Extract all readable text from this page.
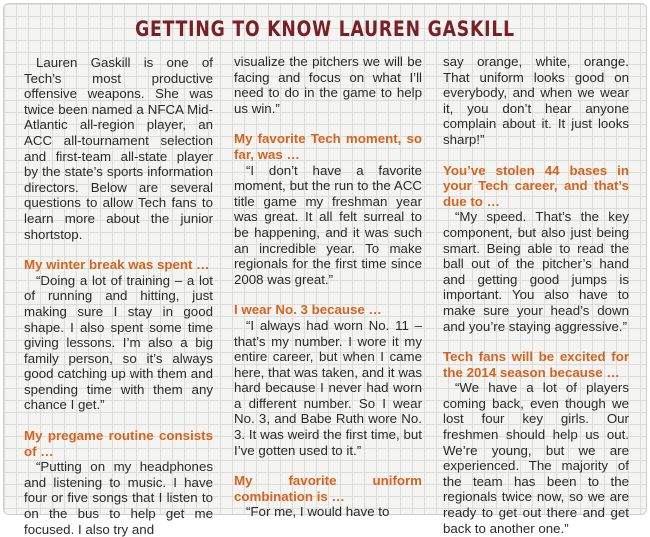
GETTING TO KNOW LAUREN GASKILL

Lauren Gaskill is one of Tech’s most productive offensive weapons. She was twice been named a NFCA Mid-Atlantic all-region player, an ACC all-tournament selection and first-team all-state player by the state’s sports information directors. Below are several questions to allow Tech fans to learn more about the junior shortstop.

My winter break was spent …

“Doing a lot of training – a lot of running and hitting, just making sure I stay in good shape. I also spent some time giving lessons. I’m also a big family person, so it’s always good catching up with them and spending time with them any chance I get.”

My pregame routine consists of …

“Putting on my headphones and listening to music. I have four or five songs that I listen to on the bus to help get me focused. I also try and

visualize the pitchers we will be facing and focus on what I’ll need to do in the game to help us win.”

My favorite Tech moment, so far, was …

“I don’t have a favorite moment, but the run to the ACC title game my freshman year was great. It all felt surreal to be happening, and it was such an incredible year. To make regionals for the first time since 2008 was great.”

I wear No. 3 because …

“I always had worn No. 11 – that’s my number. I wore it my entire career, but when I came here, that was taken, and it was hard because I never had worn a different number. So I wear No. 3, and Babe Ruth wore No. 3. It was weird the first time, but I’ve gotten used to it.”

My favorite uniform combination is …

“For me, I would have to

say orange, white, orange. That uniform looks good on everybody, and when we wear it, you don’t hear anyone complain about it. It just looks sharp!”

You’ve stolen 44 bases in your Tech career, and that’s due to …

“My speed. That’s the key component, but also just being smart. Being able to read the ball out of the pitcher’s hand and getting good jumps is important. You also have to make sure your head’s down and you’re staying aggressive.”

Tech fans will be excited for the 2014 season because …

“We have a lot of players coming back, even though we lost four key girls. Our freshmen should help us out. We’re young, but we are experienced. The majority of the team has been to the regionals twice now, so we are ready to get out there and get back to another one.”
